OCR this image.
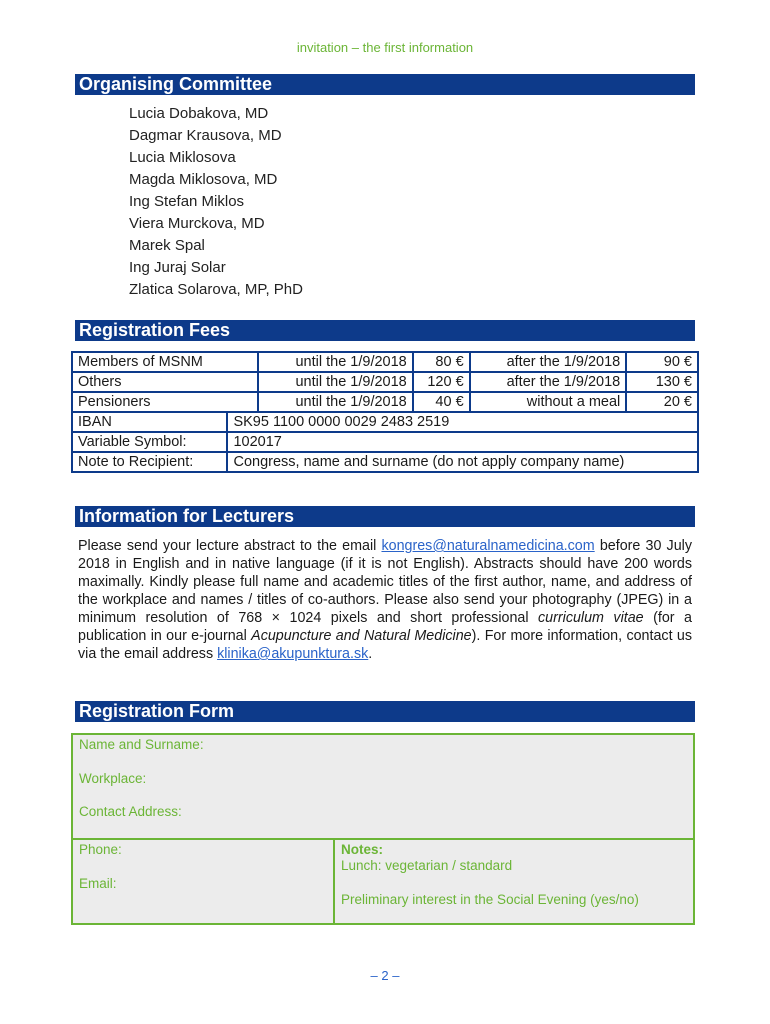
invitation – the first information
Organising Committee
Lucia Dobakova, MD
Dagmar Krausova, MD
Lucia Miklosova
Magda Miklosova, MD
Ing Stefan Miklos
Viera Murckova, MD
Marek Spal
Ing Juraj Solar
Zlatica Solarova, MP, PhD
Registration Fees
Members of MSNM		until the 1/9/2018	80 €	after the 1/9/2018	90 €
Others		until the 1/9/2018	120 €	after the 1/9/2018	130 €
Pensioners		until the 1/9/2018	40 €	without a meal	20 €
IBAN	SK95 1100 0000 0029 2483 2519				
Variable Symbol:	102017				
Note to Recipient:	Congress, name and surname (do not apply company name)				
Information for Lecturers

Please send your lecture abstract to the email kongres@naturalnamedicina.com before 30 July 2018 in English and in native language (if it is not English). Abstracts should have 200 words maximally. Kindly please full name and academic titles of the first author, name, and address of the workplace and names / titles of co-authors. Please also send your photography (JPEG) in a minimum resolution of 768 × 1024 pixels and short professional curriculum vitae (for a publication in our e-journal Acupuncture and Natural Medicine). For more information, contact us via the email address klinika@akupunktura.sk.

Registration Form
Name and Surname:
Workplace:
Contact Address:
Phone:
Email:
Notes:
Lunch: vegetarian / standard
Preliminary interest in the Social Evening (yes/no)
– 2 –
